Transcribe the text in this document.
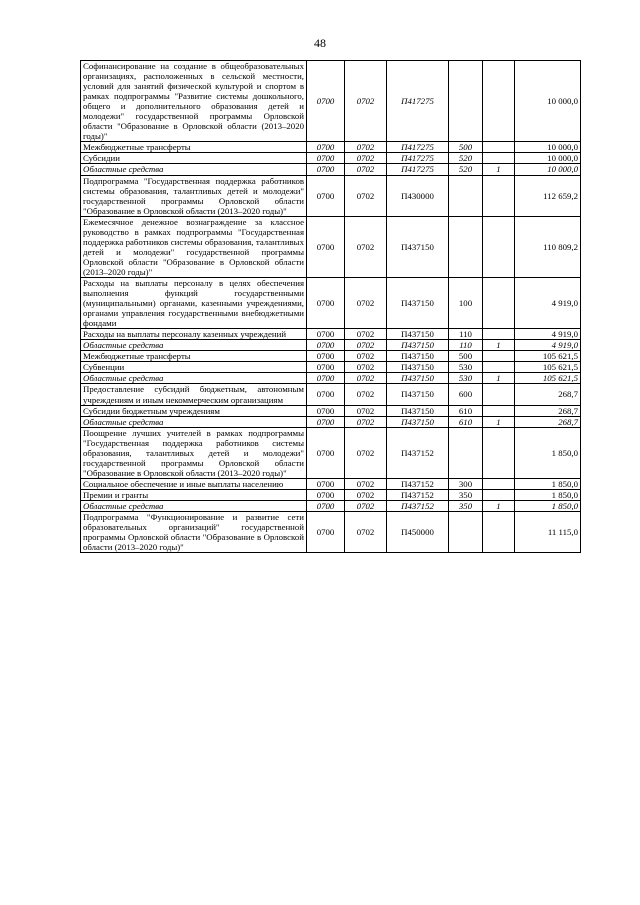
48
Софинансирование на создание в общеобразовательных организациях, расположенных в сельской местности, условий для занятий физической культурой и спортом в рамках подпрограммы "Развитие системы дошкольного, общего и дополнительного образования детей и молодежи" государственной программы Орловской области "Образование в Орловской области (2013–2020 годы)"	0700	0702	П417275			10 000,0
Межбюджетные трансферты	0700	0702	П417275	500		10 000,0
Субсидии	0700	0702	П417275	520		10 000,0
Областные средства	0700	0702	П417275	520	1	10 000,0
Подпрограмма "Государственная поддержка работников системы образования, талантливых детей и молодежи" государственной программы Орловской области "Образование в Орловской области (2013–2020 годы)"	0700	0702	П430000			112 659,2
Ежемесячное денежное вознаграждение за классное руководство в рамках подпрограммы "Государственная поддержка работников системы образования, талантливых детей и молодежи" государственной программы Орловской области "Образование в Орловской области (2013–2020 годы)"	0700	0702	П437150			110 809,2
Расходы на выплаты персоналу в целях обеспечения выполнения функций государственными (муниципальными) органами, казенными учреждениями, органами управления государственными внебюджетными фондами	0700	0702	П437150	100		4 919,0
Расходы на выплаты персоналу казенных учреждений	0700	0702	П437150	110		4 919,0
Областные средства	0700	0702	П437150	110	1	4 919,0
Межбюджетные трансферты	0700	0702	П437150	500		105 621,5
Субвенции	0700	0702	П437150	530		105 621,5
Областные средства	0700	0702	П437150	530	1	105 621,5
Предоставление субсидий бюджетным, автономным учреждениям и иным некоммерческим организациям	0700	0702	П437150	600		268,7
Субсидии бюджетным учреждениям	0700	0702	П437150	610		268,7
Областные средства	0700	0702	П437150	610	1	268,7
Поощрение лучших учителей в рамках подпрограммы "Государственная поддержка работников системы образования, талантливых детей и молодежи" государственной программы Орловской области "Образование в Орловской области (2013–2020 годы)"	0700	0702	П437152			1 850,0
Социальное обеспечение и иные выплаты населению	0700	0702	П437152	300		1 850,0
Премии и гранты	0700	0702	П437152	350		1 850,0
Областные средства	0700	0702	П437152	350	1	1 850,0
Подпрограмма "Функционирование и развитие сети образовательных организаций" государственной программы Орловской области "Образование в Орловской области (2013–2020 годы)"	0700	0702	П450000			11 115,0
